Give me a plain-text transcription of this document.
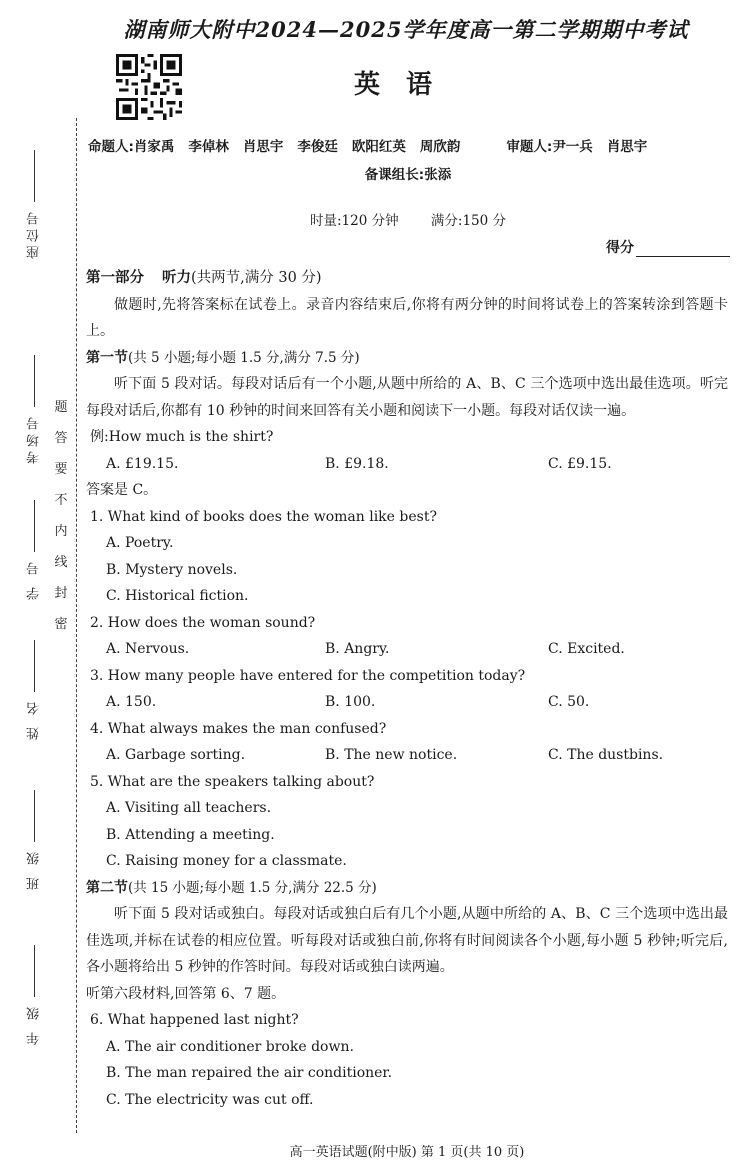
座位号
考场号
学 号
姓 名
班 级
年 级
题
答
要
不
内
线
封
密
湖南师大附中2024—2025学年度高一第二学期期中考试
英语
命题人:肖家禹 李倬林 肖思宇 李俊廷 欧阳红英 周欣韵	审题人:尹一兵 肖思宇
备课组长:张添
时量:120 分钟 满分:150 分
得分

第一部分 听力(共两节,满分 30 分)

做题时,先将答案标在试卷上。录音内容结束后,你将有两分钟的时间将试卷上的答案转涂到答题卡上。

第一节(共 5 小题;每小题 1.5 分,满分 7.5 分)

听下面 5 段对话。每段对话后有一个小题,从题中所给的 A、B、C 三个选项中选出最佳选项。听完每段对话后,你都有 10 秒钟的时间来回答有关小题和阅读下一小题。每段对话仅读一遍。

例:How much is the shirt?

A. £19.15.	B. £9.18.	C. £9.15.

答案是 C。

1. What kind of books does the woman like best?

A. Poetry.

B. Mystery novels.

C. Historical fiction.

2. How does the woman sound?

A. Nervous.	B. Angry.	C. Excited.

3. How many people have entered for the competition today?

A. 150.	B. 100.	C. 50.

4. What always makes the man confused?

A. Garbage sorting.	B. The new notice.	C. The dustbins.

5. What are the speakers talking about?

A. Visiting all teachers.

B. Attending a meeting.

C. Raising money for a classmate.

第二节(共 15 小题;每小题 1.5 分,满分 22.5 分)

听下面 5 段对话或独白。每段对话或独白后有几个小题,从题中所给的 A、B、C 三个选项中选出最佳选项,并标在试卷的相应位置。听每段对话或独白前,你将有时间阅读各个小题,每小题 5 秒钟;听完后,各小题将给出 5 秒钟的作答时间。每段对话或独白读两遍。

听第六段材料,回答第 6、7 题。

6. What happened last night?

A. The air conditioner broke down.

B. The man repaired the air conditioner.

C. The electricity was cut off.

高一英语试题(附中版) 第 1 页(共 10 页)
